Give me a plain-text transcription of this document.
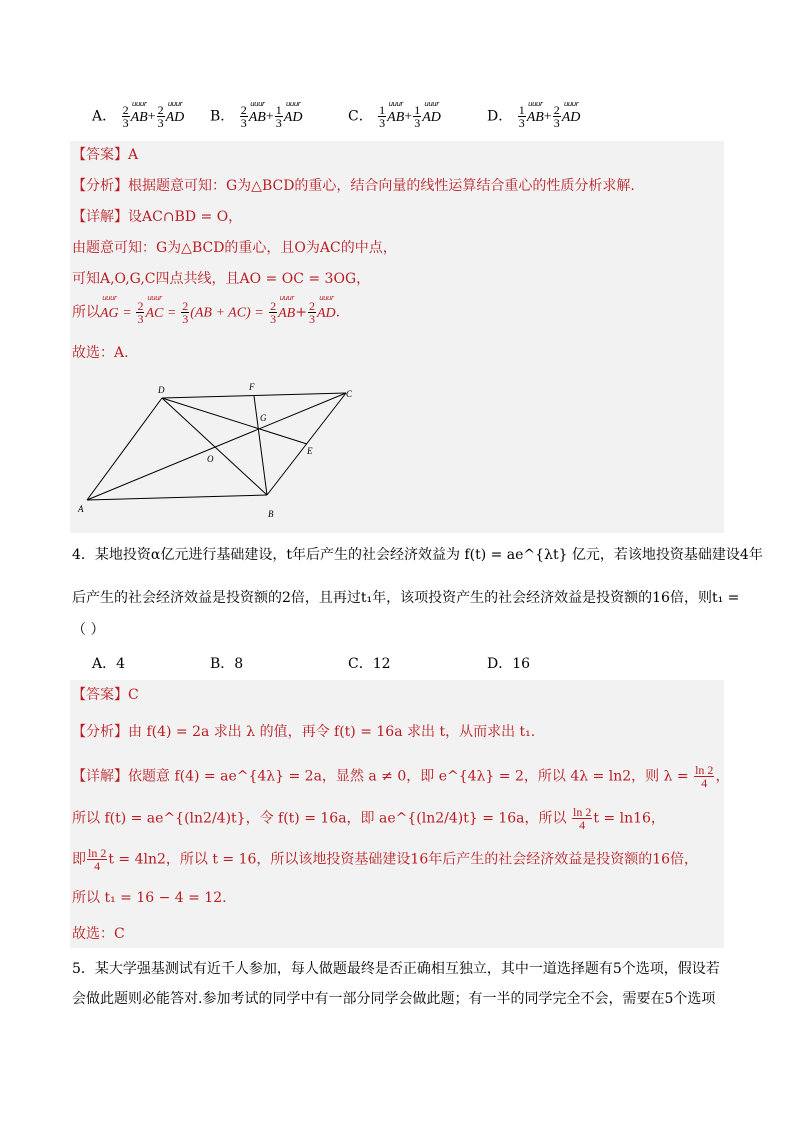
A． $\frac{2}{3}$ uuur $AB+ \frac{2}{3}$ uuur AD B． $\frac{2}{3}$ uuur $AB+ \frac{1}{3}$ uuur AD	C． $\frac{1}{3}$ uuur $AB+ \frac{1}{3}$ uuur AD	D． $\frac{1}{3}$ uuur $AB+ \frac{2}{3}$ uuur AD
【答案】A
【分析】根据题意可知：G为△BCD的重心，结合向量的线性运算结合重心的性质分析求解.
【详解】设AC∩BD = O，
由题意可知：G为△BCD的重心，且O为AC的中点，
可知A,O,G,C四点共线，且AO = OC = 3OG，
所以uuur AG = $\frac{2}{3}$ uuur AC = $\frac{2}{3} (AB + AC) = \frac{2}{3}$ uuur $AB+ \frac{2}{3}$ uuur AD.
故选：A.
A	B
C
D
E
F
G
O
4．某地投资α亿元进行基础建设，t年后产生的社会经济效益为 f(t) = ae^{λt} 亿元，若该地投资基础建设4年
后产生的社会经济效益是投资额的2倍，且再过t₁年，该项投资产生的社会经济效益是投资额的16倍，则t₁ =
（ ）
A．4	B．8	C．12	D．16
【答案】C
【分析】由 f(4) = 2a 求出 λ 的值，再令 f(t) = 16a 求出 t，从而求出 t₁.
【详解】依题意 f(4) = ae^{4λ} = 2a，显然 a ≠ 0，即 e^{4λ} = 2，所以 4λ = ln2，则 $\lambda = \frac{\ln 2}{4}$ ，
所以 f(t) = ae^{(ln2/4)t}，令 f(t) = 16a，即 ae^{(ln2/4)t} = 16a，所以 $\frac{\ln 2}{4}$ t = ln16，
即 $\frac{\ln 2}{4}$ t = 4ln2，所以 t = 16，所以该地投资基础建设16年后产生的社会经济效益是投资额的16倍，
所以 t₁ = 16 − 4 = 12.
故选：C
5．某大学强基测试有近千人参加，每人做题最终是否正确相互独立，其中一道选择题有5个选项，假设若
会做此题则必能答对.参加考试的同学中有一部分同学会做此题；有一半的同学完全不会，需要在5个选项
